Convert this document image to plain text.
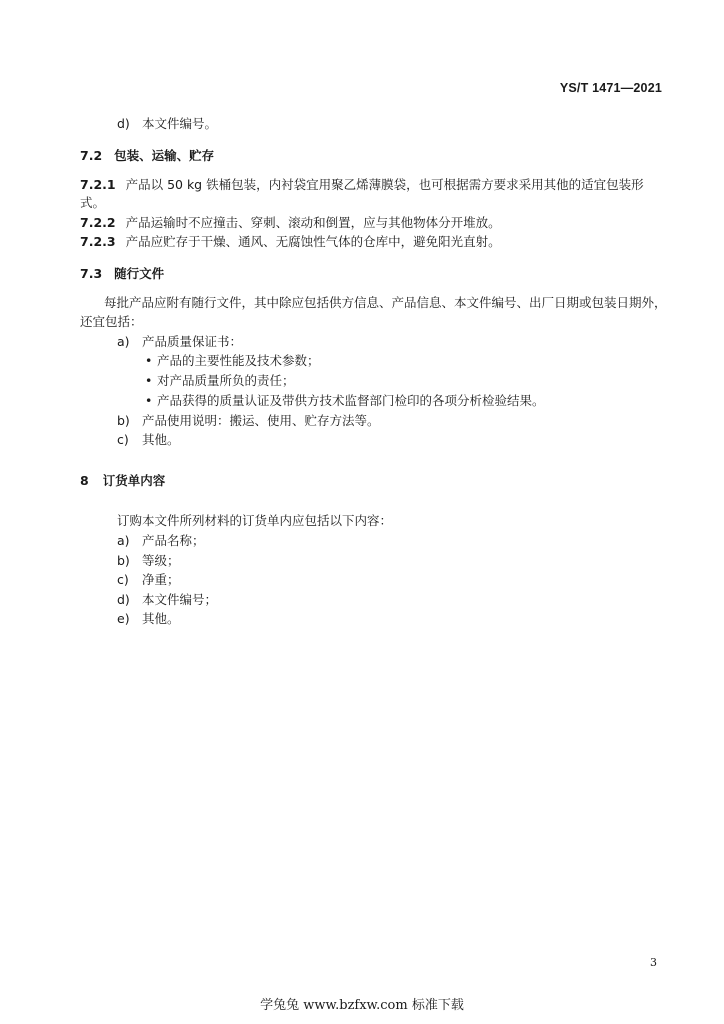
YS/T 1471—2021
d) 本文件编号。
7.2 包装、运输、贮存
7.2.1 产品以 50 kg 铁桶包装，内衬袋宜用聚乙烯薄膜袋，也可根据需方要求采用其他的适宜包装形
式。
7.2.2 产品运输时不应撞击、穿刺、滚动和倒置，应与其他物体分开堆放。
7.2.3 产品应贮存于干燥、通风、无腐蚀性气体的仓库中，避免阳光直射。
7.3 随行文件
每批产品应附有随行文件，其中除应包括供方信息、产品信息、本文件编号、出厂日期或包装日期外，
还宜包括：
a) 产品质量保证书：
• 产品的主要性能及技术参数；
• 对产品质量所负的责任；
• 产品获得的质量认证及带供方技术监督部门检印的各项分析检验结果。
b) 产品使用说明：搬运、使用、贮存方法等。
c) 其他。
8 订货单内容
订购本文件所列材料的订货单内应包括以下内容：
a) 产品名称；
b) 等级；
c) 净重；
d) 本文件编号；
e) 其他。
3
学兔兔 www.bzfxw.com 标准下载
